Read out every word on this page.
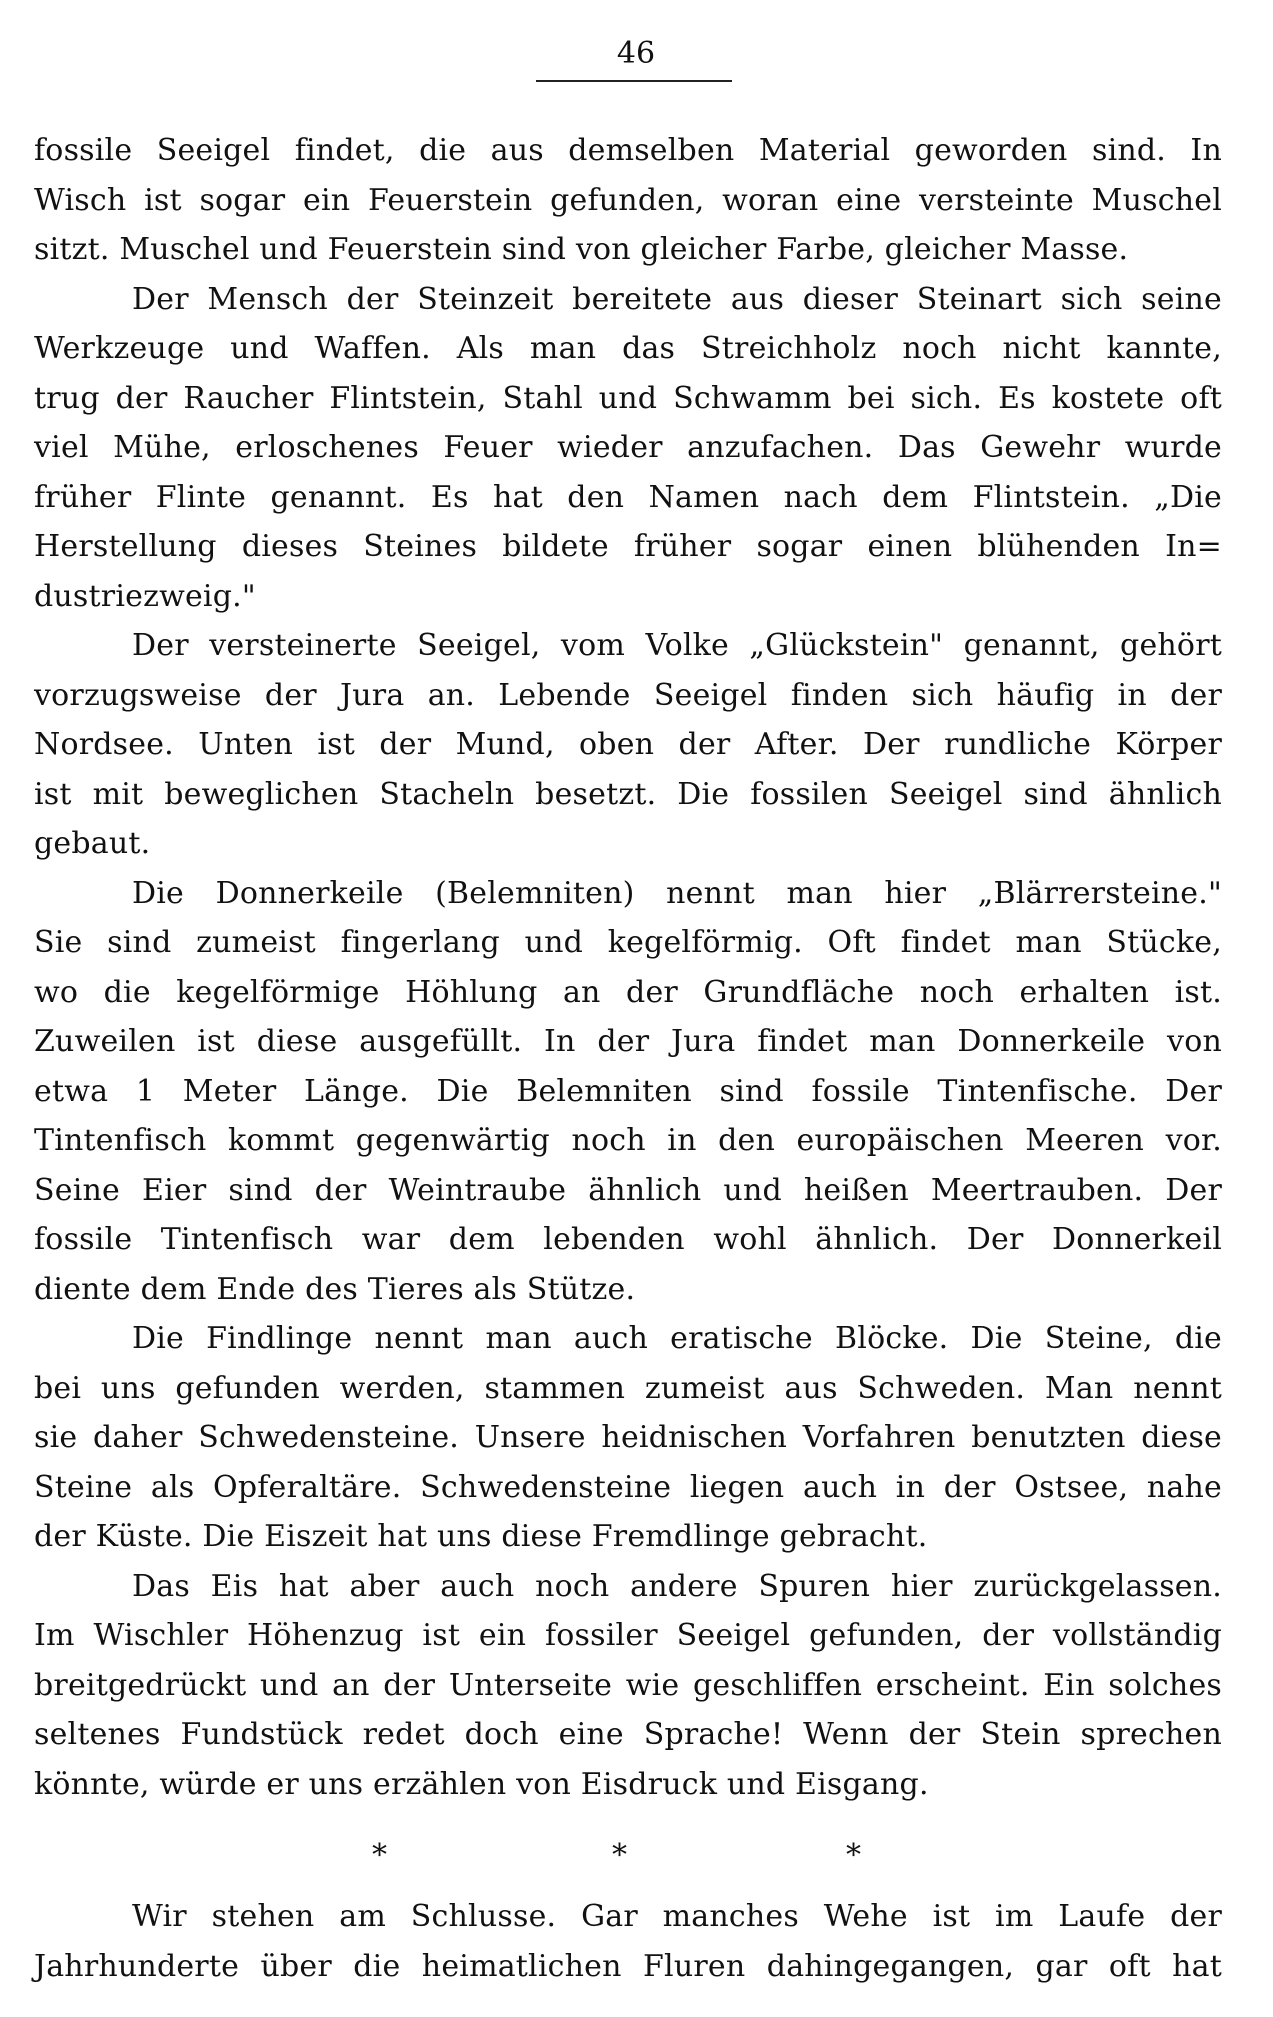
46
fossile Seeigel findet, die aus demselben Material geworden sind. In
Wisch ist sogar ein Feuerstein gefunden, woran eine versteinte Muschel
sitzt. Muschel und Feuerstein sind von gleicher Farbe, gleicher Masse.
Der Mensch der Steinzeit bereitete aus dieser Steinart sich seine
Werkzeuge und Waffen. Als man das Streichholz noch nicht kannte,
trug der Raucher Flintstein, Stahl und Schwamm bei sich. Es kostete oft
viel Mühe, erloschenes Feuer wieder anzufachen. Das Gewehr wurde
früher Flinte genannt. Es hat den Namen nach dem Flintstein. „Die
Herstellung dieses Steines bildete früher sogar einen blühenden In=
dustriezweig."
Der versteinerte Seeigel, vom Volke „Glückstein" genannt, gehört
vorzugsweise der Jura an. Lebende Seeigel finden sich häufig in der
Nordsee. Unten ist der Mund, oben der After. Der rundliche Körper
ist mit beweglichen Stacheln besetzt. Die fossilen Seeigel sind ähnlich
gebaut.
Die Donnerkeile (Belemniten) nennt man hier „Blärrersteine."
Sie sind zumeist fingerlang und kegelförmig. Oft findet man Stücke,
wo die kegelförmige Höhlung an der Grundfläche noch erhalten ist.
Zuweilen ist diese ausgefüllt. In der Jura findet man Donnerkeile von
etwa 1 Meter Länge. Die Belemniten sind fossile Tintenfische. Der
Tintenfisch kommt gegenwärtig noch in den europäischen Meeren vor.
Seine Eier sind der Weintraube ähnlich und heißen Meertrauben. Der
fossile Tintenfisch war dem lebenden wohl ähnlich. Der Donnerkeil
diente dem Ende des Tieres als Stütze.
Die Findlinge nennt man auch eratische Blöcke. Die Steine, die
bei uns gefunden werden, stammen zumeist aus Schweden. Man nennt
sie daher Schwedensteine. Unsere heidnischen Vorfahren benutzten diese
Steine als Opferaltäre. Schwedensteine liegen auch in der Ostsee, nahe
der Küste. Die Eiszeit hat uns diese Fremdlinge gebracht.
Das Eis hat aber auch noch andere Spuren hier zurückgelassen.
Im Wischler Höhenzug ist ein fossiler Seeigel gefunden, der vollständig
breitgedrückt und an der Unterseite wie geschliffen erscheint. Ein solches
seltenes Fundstück redet doch eine Sprache! Wenn der Stein sprechen
könnte, würde er uns erzählen von Eisdruck und Eisgang.
*	*	*
Wir stehen am Schlusse. Gar manches Wehe ist im Laufe der
Jahrhunderte über die heimatlichen Fluren dahingegangen, gar oft hat
